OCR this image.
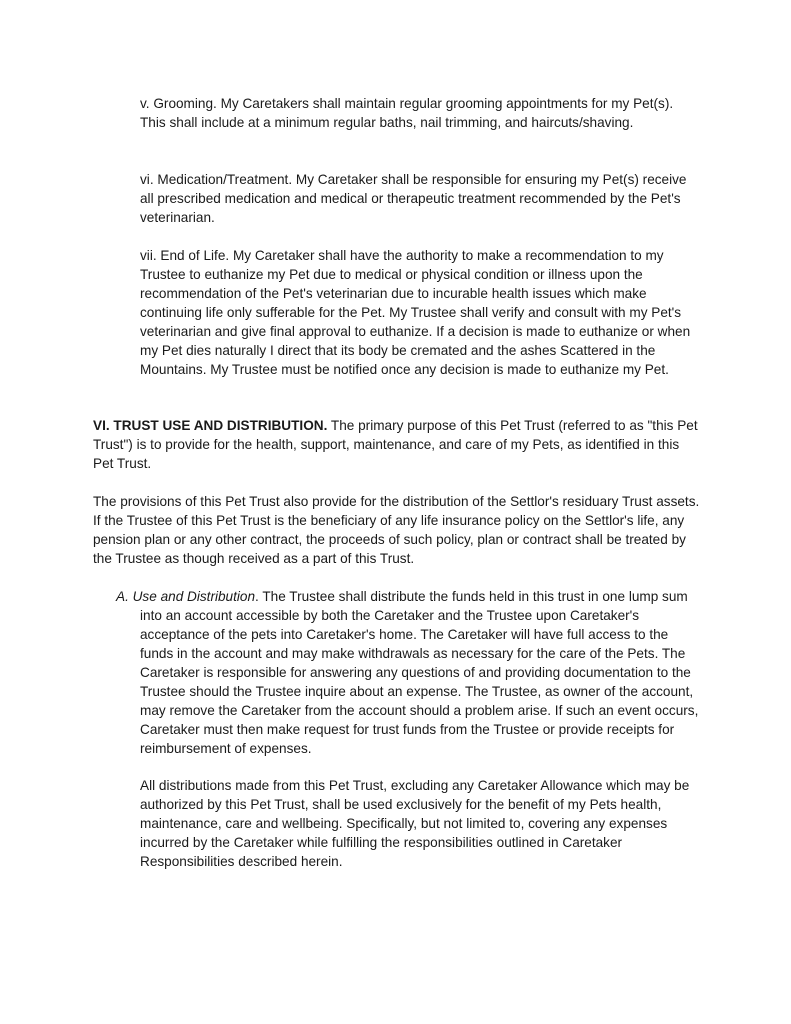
v. Grooming. My Caretakers shall maintain regular grooming appointments for my Pet(s). This shall include at a minimum regular baths, nail trimming, and haircuts/shaving.

vi. Medication/Treatment. My Caretaker shall be responsible for ensuring my Pet(s) receive all prescribed medication and medical or therapeutic treatment recommended by the Pet's veterinarian.

vii. End of Life. My Caretaker shall have the authority to make a recommendation to my Trustee to euthanize my Pet due to medical or physical condition or illness upon the recommendation of the Pet's veterinarian due to incurable health issues which make continuing life only sufferable for the Pet. My Trustee shall verify and consult with my Pet's veterinarian and give final approval to euthanize. If a decision is made to euthanize or when my Pet dies naturally I direct that its body be cremated and the ashes Scattered in the Mountains. My Trustee must be notified once any decision is made to euthanize my Pet.

VI. TRUST USE AND DISTRIBUTION. The primary purpose of this Pet Trust (referred to as "this Pet Trust") is to provide for the health, support, maintenance, and care of my Pets, as identified in this Pet Trust.

The provisions of this Pet Trust also provide for the distribution of the Settlor's residuary Trust assets. If the Trustee of this Pet Trust is the beneficiary of any life insurance policy on the Settlor's life, any pension plan or any other contract, the proceeds of such policy, plan or contract shall be treated by the Trustee as though received as a part of this Trust.

A. Use and Distribution. The Trustee shall distribute the funds held in this trust in one lump sum into an account accessible by both the Caretaker and the Trustee upon Caretaker's acceptance of the pets into Caretaker's home. The Caretaker will have full access to the funds in the account and may make withdrawals as necessary for the care of the Pets. The Caretaker is responsible for answering any questions of and providing documentation to the Trustee should the Trustee inquire about an expense. The Trustee, as owner of the account, may remove the Caretaker from the account should a problem arise. If such an event occurs, Caretaker must then make request for trust funds from the Trustee or provide receipts for reimbursement of expenses.

All distributions made from this Pet Trust, excluding any Caretaker Allowance which may be authorized by this Pet Trust, shall be used exclusively for the benefit of my Pets health, maintenance, care and wellbeing. Specifically, but not limited to, covering any expenses incurred by the Caretaker while fulfilling the responsibilities outlined in Caretaker Responsibilities described herein.
